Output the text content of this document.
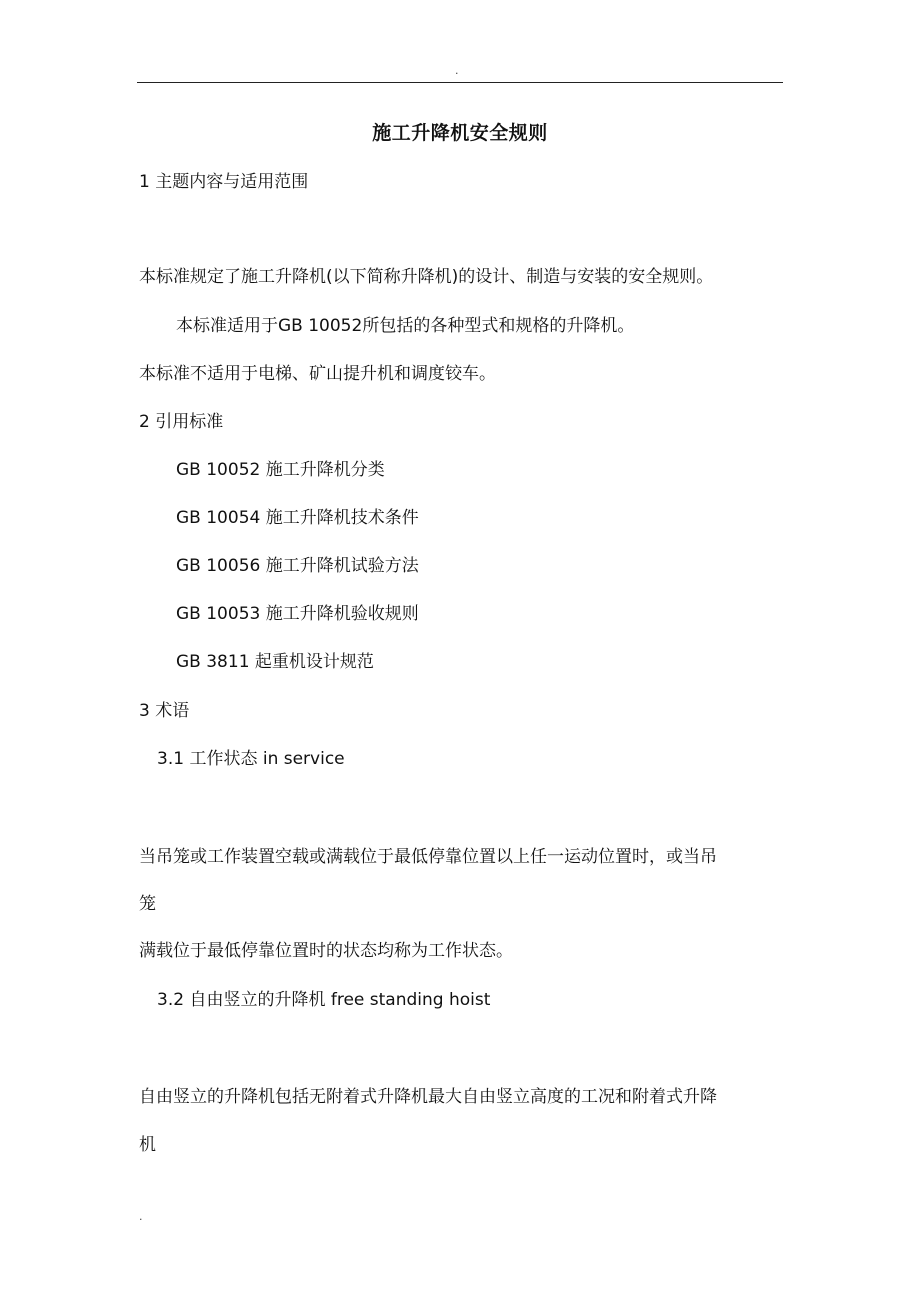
.
施工升降机安全规则
1 主题内容与适用范围
本标准规定了施工升降机(以下简称升降机)的设计、制造与安装的安全规则。
本标准适用于GB 10052所包括的各种型式和规格的升降机。
本标准不适用于电梯、矿山提升机和调度铰车。
2 引用标准
GB 10052 施工升降机分类
GB 10054 施工升降机技术条件
GB 10056 施工升降机试验方法
GB 10053 施工升降机验收规则
GB 3811 起重机设计规范
3 术语
3.1 工作状态 in service
当吊笼或工作装置空载或满载位于最低停靠位置以上任一运动位置时，或当吊
笼
满载位于最低停靠位置时的状态均称为工作状态。
3.2 自由竖立的升降机 free standing hoist
自由竖立的升降机包括无附着式升降机最大自由竖立高度的工况和附着式升降
机
.
